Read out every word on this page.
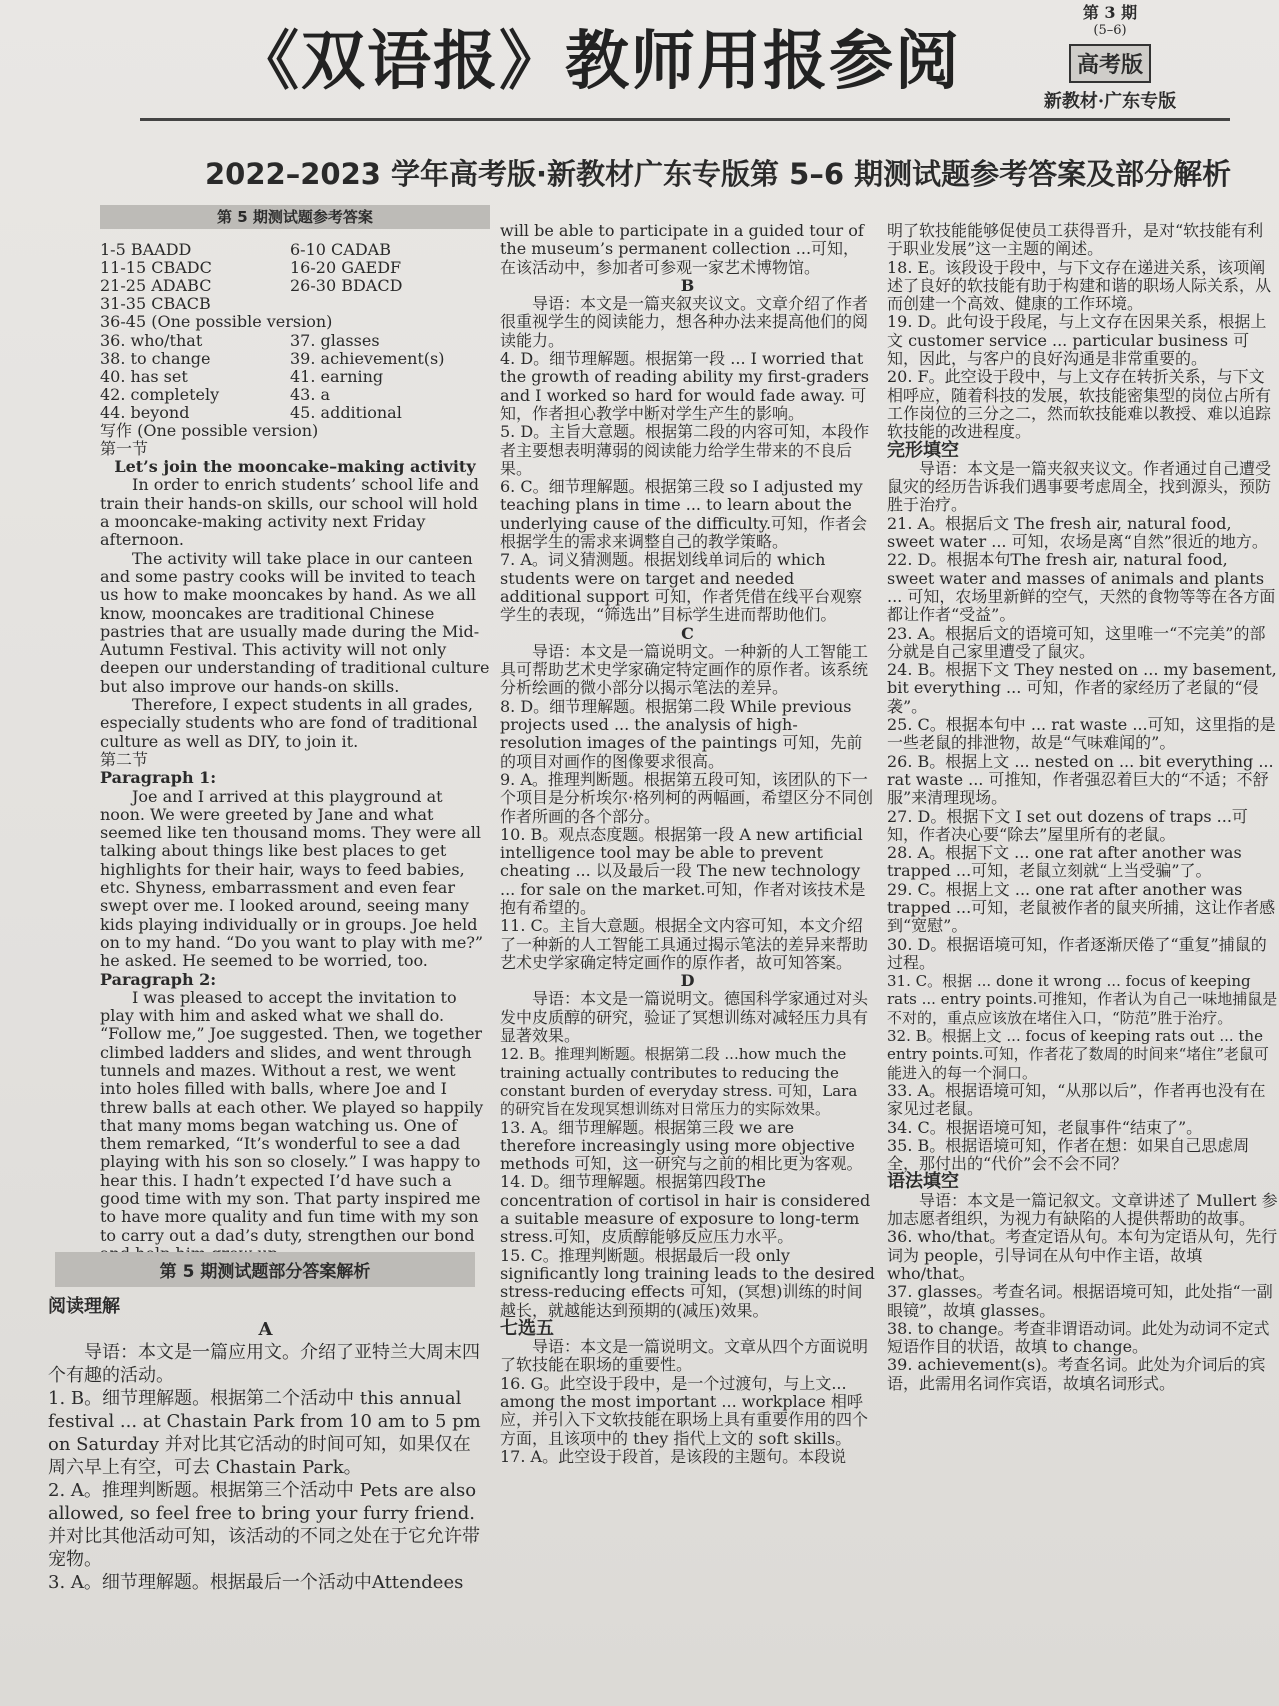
《双语报》教师用报参阅
第 3 期
(5–6)
高考版
新教材·广东专版
2022–2023 学年高考版·新教材广东专版第 5–6 期测试题参考答案及部分解析
第 5 期测试题参考答案
1-5 BAADD	6-10 CADAB
11-15 CBADC	16-20 GAEDF
21-25 ADABC	26-30 BDACD
31-35 CBACB

36-45 (One possible version)

36. who/that	37. glasses
38. to change	39. achievement(s)
40. has set	41. earning
42. completely	43. a
44. beyond	45. additional

写作 (One possible version)

第一节

Let’s join the mooncake–making activity

In order to enrich students’ school life and train their hands-on skills, our school will hold a mooncake-making activity next Friday afternoon.

The activity will take place in our canteen and some pastry cooks will be invited to teach us how to make mooncakes by hand. As we all know, mooncakes are traditional Chinese pastries that are usually made during the Mid-Autumn Festival. This activity will not only deepen our understanding of traditional culture but also improve our hands-on skills.

Therefore, I expect students in all grades, especially students who are fond of traditional culture as well as DIY, to join it.

第二节

Paragraph 1:

Joe and I arrived at this playground at noon. We were greeted by Jane and what seemed like ten thousand moms. They were all talking about things like best places to get highlights for their hair, ways to feed babies, etc. Shyness, embarrassment and even fear swept over me. I looked around, seeing many kids playing individually or in groups. Joe held on to my hand. “Do you want to play with me?” he asked. He seemed to be worried, too.

Paragraph 2:

I was pleased to accept the invitation to play with him and asked what we shall do. “Follow me,” Joe suggested. Then, we together climbed ladders and slides, and went through tunnels and mazes. Without a rest, we went into holes filled with balls, where Joe and I threw balls at each other. We played so happily that many moms began watching us. One of them remarked, “It’s wonderful to see a dad playing with his son so closely.” I was happy to hear this. I hadn’t expected I’d have such a good time with my son. That party inspired me to have more quality and fun time with my son to carry out a dad’s duty, strengthen our bond

第 5 期测试题部分答案解析

阅读理解

A

导语：本文是一篇应用文。介绍了亚特兰大周末四个有趣的活动。

1. B。细节理解题。根据第二个活动中 this annual festival ... at Chastain Park from 10 am to 5 pm on Saturday 并对比其它活动的时间可知，如果仅在周六早上有空，可去 Chastain Park。

2. A。推理判断题。根据第三个活动中 Pets are also allowed, so feel free to bring your furry friend. 并对比其他活动可知，该活动的不同之处在于它允许带宠物。

3. A。细节理解题。根据最后一个活动中Attendees

will be able to participate in a guided tour of the museum’s permanent collection ...可知，在该活动中，参加者可参观一家艺术博物馆。

B

导语：本文是一篇夹叙夹议文。文章介绍了作者很重视学生的阅读能力，想各种办法来提高他们的阅读能力。

4. D。细节理解题。根据第一段 ... I worried that the growth of reading ability my first-graders and I worked so hard for would fade away. 可知，作者担心教学中断对学生产生的影响。

5. D。主旨大意题。根据第二段的内容可知，本段作者主要想表明薄弱的阅读能力给学生带来的不良后果。

6. C。细节理解题。根据第三段 so I adjusted my teaching plans in time ... to learn about the underlying cause of the difficulty.可知，作者会根据学生的需求来调整自己的教学策略。

7. A。词义猜测题。根据划线单词后的 which students were on target and needed additional support 可知，作者凭借在线平台观察学生的表现，“筛选出”目标学生进而帮助他们。

C

导语：本文是一篇说明文。一种新的人工智能工具可帮助艺术史学家确定特定画作的原作者。该系统分析绘画的微小部分以揭示笔法的差异。

8. D。细节理解题。根据第二段 While previous projects used ... the analysis of high-resolution images of the paintings 可知，先前的项目对画作的图像要求很高。

9. A。推理判断题。根据第五段可知，该团队的下一个项目是分析埃尔·格列柯的两幅画，希望区分不同创作者所画的各个部分。

10. B。观点态度题。根据第一段 A new artificial intelligence tool may be able to prevent cheating ... 以及最后一段 The new technology ... for sale on the market.可知，作者对该技术是抱有希望的。

11. C。主旨大意题。根据全文内容可知，本文介绍了一种新的人工智能工具通过揭示笔法的差异来帮助艺术史学家确定特定画作的原作者，故可知答案。

D

导语：本文是一篇说明文。德国科学家通过对头发中皮质醇的研究，验证了冥想训练对减轻压力具有显著效果。

12. B。推理判断题。根据第二段 ...how much the training actually contributes to reducing the constant burden of everyday stress. 可知，Lara 的研究旨在发现冥想训练对日常压力的实际效果。

13. A。细节理解题。根据第三段 we are therefore increasingly using more objective methods 可知，这一研究与之前的相比更为客观。

14. D。细节理解题。根据第四段The concentration of cortisol in hair is considered a suitable measure of exposure to long-term stress.可知，皮质醇能够反应压力水平。

15. C。推理判断题。根据最后一段 only significantly long training leads to the desired stress-reducing effects 可知，(冥想)训练的时间越长，就越能达到预期的(减压)效果。

七选五

导语：本文是一篇说明文。文章从四个方面说明了软技能在职场的重要性。

16. G。此空设于段中，是一个过渡句，与上文... among the most important ... workplace 相呼应，并引入下文软技能在职场上具有重要作用的四个方面，且该项中的 they 指代上文的 soft skills。

17. A。此空设于段首，是该段的主题句。本段说

明了软技能能够促使员工获得晋升，是对“软技能有利于职业发展”这一主题的阐述。

18. E。该段设于段中，与下文存在递进关系，该项阐述了良好的软技能有助于构建和谐的职场人际关系，从而创建一个高效、健康的工作环境。

19. D。此句设于段尾，与上文存在因果关系，根据上文 customer service ... particular business 可知，因此，与客户的良好沟通是非常重要的。

20. F。此空设于段中，与上文存在转折关系，与下文相呼应，随着科技的发展，软技能密集型的岗位占所有工作岗位的三分之二，然而软技能难以教授、难以追踪软技能的改进程度。

完形填空

导语：本文是一篇夹叙夹议文。作者通过自己遭受鼠灾的经历告诉我们遇事要考虑周全，找到源头，预防胜于治疗。

21. A。根据后文 The fresh air, natural food, sweet water ... 可知，农场是离“自然”很近的地方。

22. D。根据本句The fresh air, natural food, sweet water and masses of animals and plants ... 可知，农场里新鲜的空气，天然的食物等等在各方面都让作者“受益”。

23. A。根据后文的语境可知，这里唯一“不完美”的部分就是自己家里遭受了鼠灾。

24. B。根据下文 They nested on ... my basement, bit everything ... 可知，作者的家经历了老鼠的“侵袭”。

25. C。根据本句中 ... rat waste ...可知，这里指的是一些老鼠的排泄物，故是“气味难闻的”。

26. B。根据上文 ... nested on ... bit everything ... rat waste ... 可推知，作者强忍着巨大的“不适；不舒服”来清理现场。

27. D。根据下文 I set out dozens of traps ...可知，作者决心要“除去”屋里所有的老鼠。

28. A。根据下文 ... one rat after another was trapped ...可知，老鼠立刻就“上当受骗”了。

29. C。根据上文 ... one rat after another was trapped ...可知，老鼠被作者的鼠夹所捕，这让作者感到“宽慰”。

30. D。根据语境可知，作者逐渐厌倦了“重复”捕鼠的过程。

31. C。根据 ... done it wrong ... focus of keeping rats ... entry points.可推知，作者认为自己一味地捕鼠是不对的，重点应该放在堵住入口，“防范”胜于治疗。

32. B。根据上文 ... focus of keeping rats out ... the entry points.可知，作者花了数周的时间来“堵住”老鼠可能进入的每一个洞口。

33. A。根据语境可知，“从那以后”，作者再也没有在家见过老鼠。

34. C。根据语境可知，老鼠事件“结束了”。

35. B。根据语境可知，作者在想：如果自己思虑周全，那付出的“代价”会不会不同？

语法填空

导语：本文是一篇记叙文。文章讲述了 Mullert 参加志愿者组织，为视力有缺陷的人提供帮助的故事。

36. who/that。考查定语从句。本句为定语从句，先行词为 people，引导词在从句中作主语，故填 who/that。

37. glasses。考查名词。根据语境可知，此处指“一副眼镜”，故填 glasses。

38. to change。考查非谓语动词。此处为动词不定式短语作目的状语，故填 to change。

39. achievement(s)。考查名词。此处为介词后的宾语，此需用名词作宾语，故填名词形式。
